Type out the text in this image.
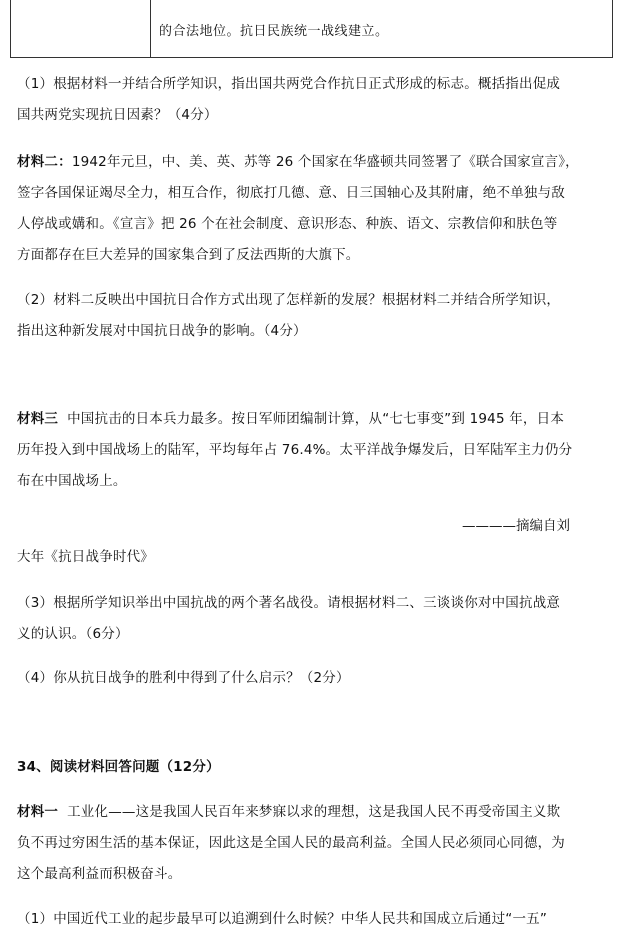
的合法地位。抗日民族统一战线建立。
（1）根据材料一并结合所学知识，指出国共两党合作抗日正式形成的标志。概括指出促成
国共两党实现抗日因素？（4分）
材料二：1942年元旦，中、美、英、苏等 26 个国家在华盛顿共同签署了《联合国家宣言》，
签字各国保证竭尽全力，相互合作，彻底打几德、意、日三国轴心及其附庸，绝不单独与敌
人停战或媾和。《宣言》把 26 个在社会制度、意识形态、种族、语文、宗教信仰和肤色等
方面都存在巨大差异的国家集合到了反法西斯的大旗下。
（2）材料二反映出中国抗日合作方式出现了怎样新的发展？根据材料二并结合所学知识，
指出这种新发展对中国抗日战争的影响。（4分）
材料三 中国抗击的日本兵力最多。按日军师团编制计算，从“七七事变”到 1945 年，日本
历年投入到中国战场上的陆军，平均每年占 76.4%。太平洋战争爆发后，日军陆军主力仍分
布在中国战场上。
————摘编自刘
大年《抗日战争时代》
（3）根据所学知识举出中国抗战的两个著名战役。请根据材料二、三谈谈你对中国抗战意
义的认识。（6分）
（4）你从抗日战争的胜利中得到了什么启示？（2分）
34、阅读材料回答问题（12分）
材料一 工业化——这是我国人民百年来梦寐以求的理想，这是我国人民不再受帝国主义欺
负不再过穷困生活的基本保证，因此这是全国人民的最高利益。全国人民必须同心同德，为
这个最高利益而积极奋斗。
（1）中国近代工业的起步最早可以追溯到什么时候？中华人民共和国成立后通过“一五”
